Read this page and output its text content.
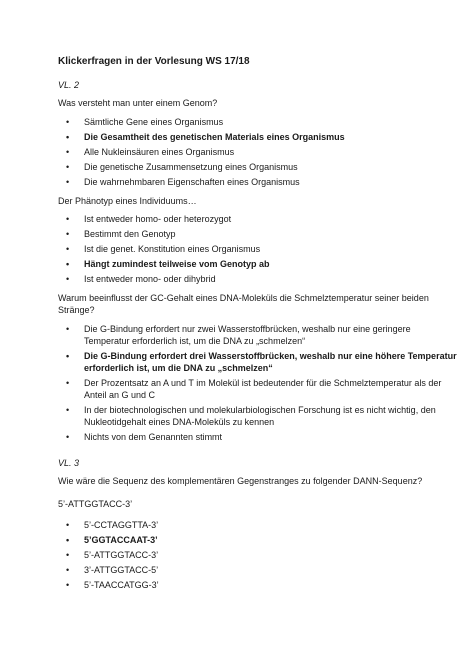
Klickerfragen in der Vorlesung WS 17/18
VL. 2
Was versteht man unter einem Genom?
• Sämtliche Gene eines Organismus
• Die Gesamtheit des genetischen Materials eines Organismus
• Alle Nukleinsäuren eines Organismus
• Die genetische Zusammensetzung eines Organismus
• Die wahrnehmbaren Eigenschaften eines Organismus
Der Phänotyp eines Individuums…
• Ist entweder homo- oder heterozygot
• Bestimmt den Genotyp
• Ist die genet. Konstitution eines Organismus
• Hängt zumindest teilweise vom Genotyp ab
• Ist entweder mono- oder dihybrid
Warum beeinflusst der GC-Gehalt eines DNA-Moleküls die Schmelztemperatur seiner beiden
Stränge?
• Die G-Bindung erfordert nur zwei Wasserstoffbrücken, weshalb nur eine geringere
Temperatur erforderlich ist, um die DNA zu „schmelzen“
• Die G-Bindung erfordert drei Wasserstoffbrücken, weshalb nur eine höhere Temperatur
erforderlich ist, um die DNA zu „schmelzen“
• Der Prozentsatz an A und T im Molekül ist bedeutender für die Schmelztemperatur als der
Anteil an G und C
• In der biotechnologischen und molekularbiologischen Forschung ist es nicht wichtig, den
Nukleotidgehalt eines DNA-Moleküls zu kennen
• Nichts von dem Genannten stimmt
VL. 3
Wie wäre die Sequenz des komplementären Gegenstranges zu folgender DANN-Sequenz?
5’-ATTGGTACC-3’
• 5’-CCTAGGTTA-3’
• 5’GGTACCAAT-3’
• 5’-ATTGGTACC-3’
• 3’-ATTGGTACC-5’
• 5’-TAACCATGG-3’
